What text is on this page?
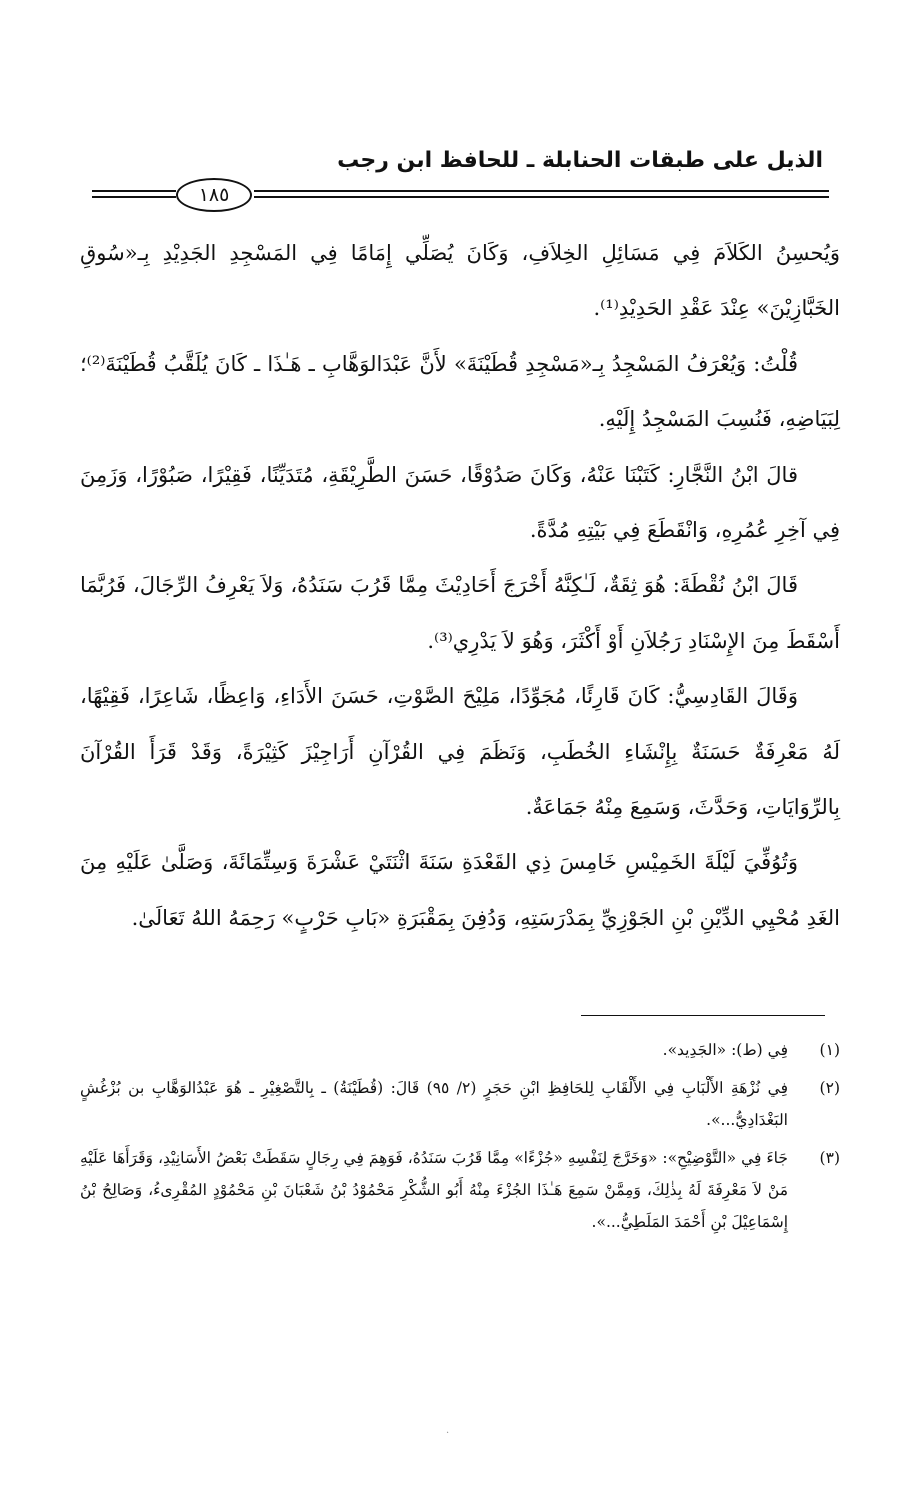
الذيل على طبقات الحنابلة ـ للحافظ ابن رجب
١٨٥

وَيُحسِنُ الكَلاَمَ فِي مَسَائِلِ الخِلاَفِ، وَكَانَ يُصَلِّي إِمَامًا فِي المَسْجِدِ الجَدِيْدِ بِـ«سُوقِ الخَبَّازِيْنَ» عِنْدَ عَقْدِ الحَدِيْدِ⁽¹⁾.

قُلْتُ: وَيُعْرَفُ المَسْجِدُ بِـ«مَسْجِدِ قُطَيْنَةَ» لأَنَّ عَبْدَالوَهَّابِ ـ هَـٰذَا ـ كَانَ يُلَقَّبُ قُطَيْنَةَ⁽²⁾؛ لِبَيَاضِهِ، فَنُسِبَ المَسْجِدُ إِلَيْهِ.

قالَ ابْنُ النَّجَّارِ: كَتَبْنَا عَنْهُ، وَكَانَ صَدُوْقًا، حَسَنَ الطَّرِيْقَةِ، مُتَدَيِّنًا، فَقِيْرًا، صَبُوْرًا، وَزَمِنَ فِي آخِرِ عُمُرِهِ، وَانْقَطَعَ فِي بَيْتِهِ مُدَّةً.

قَالَ ابْنُ نُقْطَةَ: هُوَ ثِقَةٌ، لَـٰكِنَّهُ أَخْرَجَ أَحَادِيْثَ مِمَّا قَرُبَ سَنَدُهُ، وَلاَ يَعْرِفُ الرِّجَالَ، فَرُبَّمَا أَسْقَطَ مِنَ الإِسْنَادِ رَجُلاَنِ أَوْ أَكْثَرَ، وَهُوَ لاَ يَدْرِي⁽³⁾.

وَقَالَ القَادِسِيُّ: كَانَ قَارِئًا، مُجَوِّدًا، مَلِيْحَ الصَّوْتِ، حَسَنَ الأَدَاءِ، وَاعِظًا، شَاعِرًا، فَقِيْهًا، لَهُ مَعْرِفَةٌ حَسَنَةٌ بِإِنْشَاءِ الخُطَبِ، وَنَظَمَ فِي القُرْآنِ أَرَاجِيْزَ كَثِيْرَةً، وَقَدْ قَرَأَ القُرْآنَ بِالرِّوَايَاتِ، وَحَدَّثَ، وَسَمِعَ مِنْهُ جَمَاعَةٌ.

وَتُوُفِّيَ لَيْلَةَ الخَمِيْسِ خَامِسَ ذِي القَعْدَةِ سَنَةَ اثْنَتَيْ عَشْرَةَ وَسِتِّمَائَةَ، وَصَلَّىٰ عَلَيْهِ مِنَ الغَدِ مُحْيِي الدِّيْنِ بْنِ الجَوْزِيِّ بِمَدْرَسَتِهِ، وَدُفِنَ بِمَقْبَرَةِ «بَابِ حَرْبٍ» رَحِمَهُ اللهُ تَعَالَىٰ.

(١)
فِي (ط): «الجَدِيد».
(٢)
فِي نُزْهَةِ الأَلْبَابِ فِي الأَلْقَابِ لِلحَافِظِ ابْنِ حَجَرٍ (٢/ ٩٥) قَالَ: (قُطَيْنَةُ) ـ بِالتَّصْغِيْرِ ـ هُوَ عَبْدُالوَهَّابِ بن بُزْغُشٍ البَغْدَادِيُّ...».
(٣)
جَاءَ فِي «التَّوْضِيْحِ»: «وَخَرَّجَ لِنَفْسِهِ «جُزْءًا» مِمَّا قَرُبَ سَنَدُهُ، فَوَهِمَ فِي رِجَالٍ سَقَطَتْ بَعْضُ الأَسَانِيْدِ، وَقَرَأَهَا عَلَيْهِ مَنْ لاَ مَعْرِفَةَ لَهُ بِذٰلِكَ، وَمِمَّنْ سَمِعَ هَـٰذَا الجُزْءَ مِنْهُ أَبُو الشُّكْرِ مَحْمُوْدُ بْنُ شَعْبَانَ بْنِ مَحْمُوْدٍ المُقْرِىءُ، وَصَالِحُ بْنُ إِسْمَاعِيْلَ بْنِ أَحْمَدَ المَلَطِيُّ...».
·
